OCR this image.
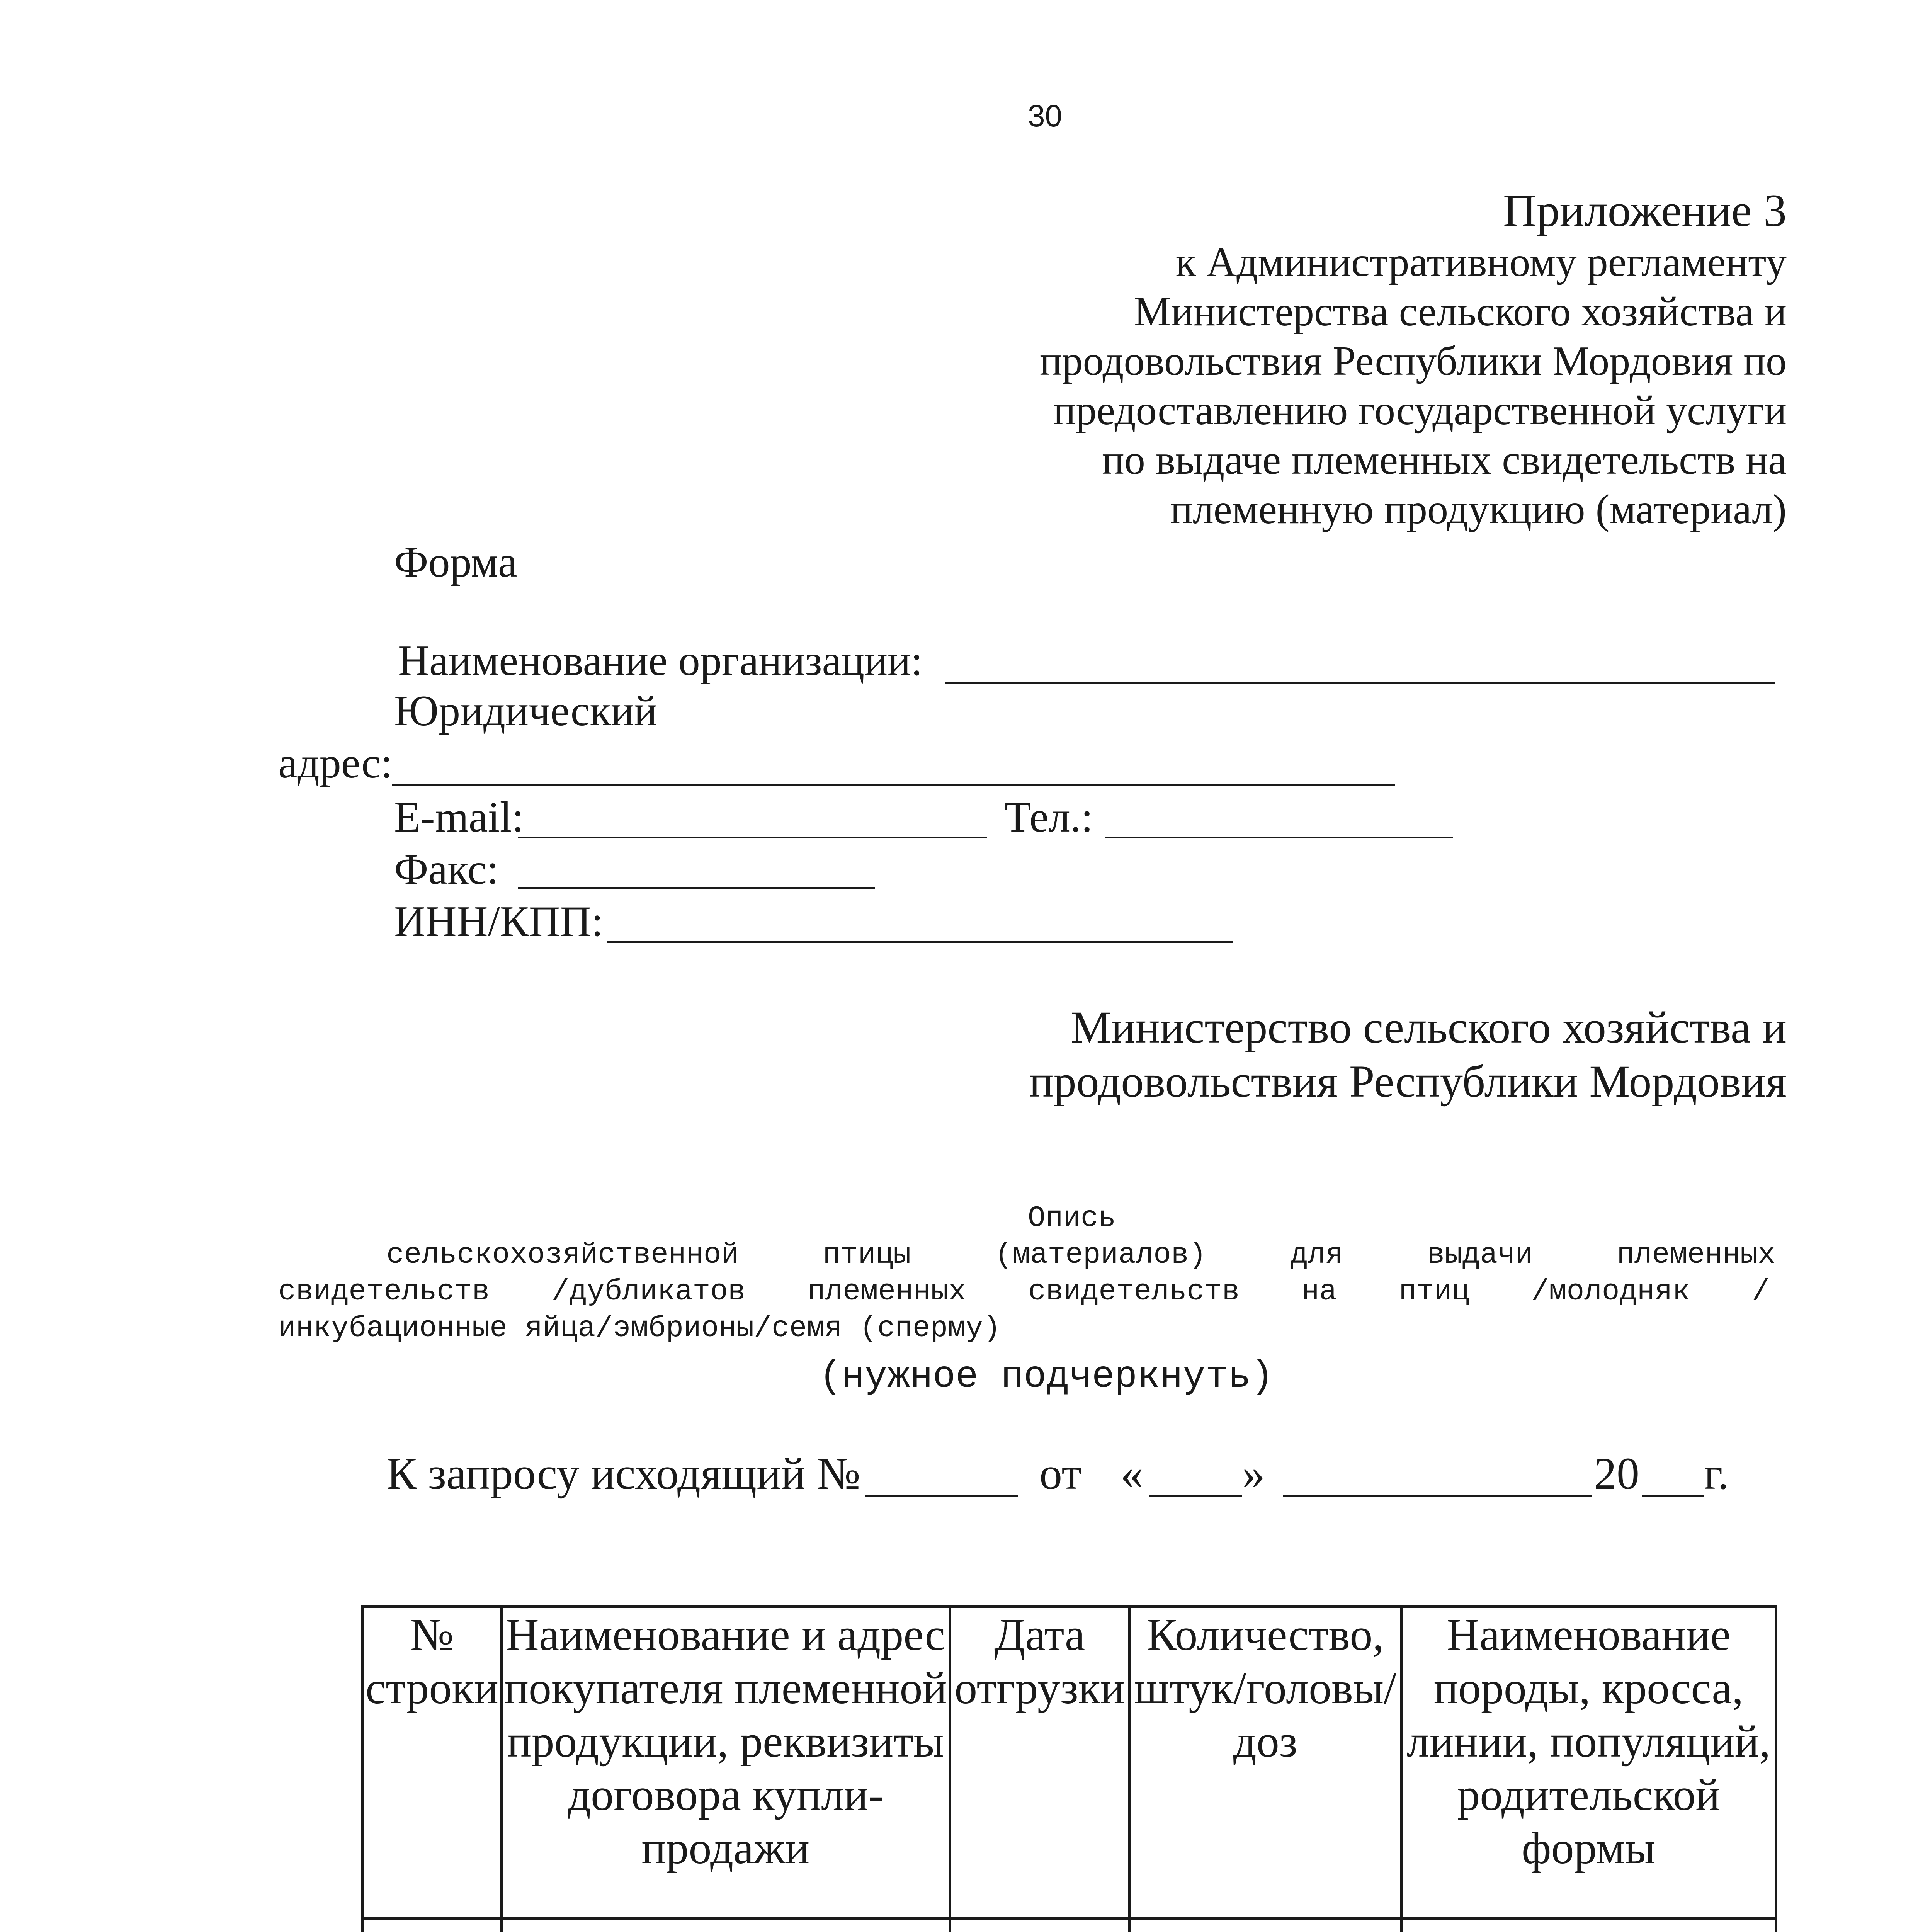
30
Приложение 3
к Административному регламенту
Министерства сельского хозяйства и
продовольствия Республики Мордовия по
предоставлению государственной услуги
по выдаче племенных свидетельств на
племенную продукцию (материал)
Форма
Наименование организации:
Юридический
адрес:
E-mail:	Тел.:
Факс:
ИНН/КПП:
Министерство сельского хозяйства и
продовольствия Республики Мордовия
Опись
сельскохозяйственной	птицы	(материалов)	для	выдачи	племенных
свидетельств /дубликатов племенных свидетельств на птиц /молодняк /
инкубационные яйца/эмбрионы/семя (сперму)
(нужное подчеркнуть)
К запросу исходящий №	от « »	20 г.
№ строки	Наименование и адрес покупателя племенной продукции, реквизиты договора купли-продажи	Дата отгрузки	Количество, штук/головы/ доз	Наименование породы, кросса, линии, популяций, родительской формы
